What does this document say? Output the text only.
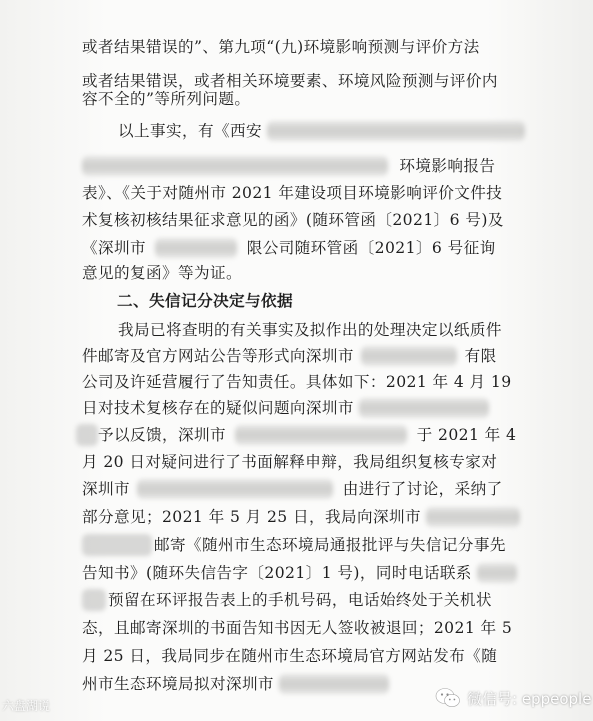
或者结果错误的”、第九项“(九)环境影响预测与评价方法
或者结果错误，或者相关环境要素、环境风险预测与评价内
容不全的”等所列问题。
以上事实，有《西安
环境影响报告
表》、《关于对随州市 2021 年建设项目环境影响评价文件技
术复核初核结果征求意见的函》(随环管函〔2021〕6 号)及
《深圳市	限公司随环管函〔2021〕6 号征询
意见的复函》等为证。
二、失信记分决定与依据
我局已将查明的有关事实及拟作出的处理决定以纸质件
件邮寄及官方网站公告等形式向深圳市	有限
公司及许延营履行了告知责任。具体如下：2021 年 4 月 19
日对技术复核存在的疑似问题向深圳市
予以反馈，深圳市	于 2021 年 4
月 20 日对疑问进行了书面解释申辩，我局组织复核专家对
深圳市	由进行了讨论，采纳了
部分意见；2021 年 5 月 25 日，我局向深圳市
邮寄《随州市生态环境局通报批评与失信记分事先
告知书》(随环失信告字〔2021〕1 号)，同时电话联系
预留在环评报告表上的手机号码，电话始终处于关机状
态，且邮寄深圳的书面告知书因无人签收被退回；2021 年 5
月 25 日，我局同步在随州市生态环境局官方网站发布《随
州市生态环境局拟对深圳市
六盘湖说	微信号: eppeople
